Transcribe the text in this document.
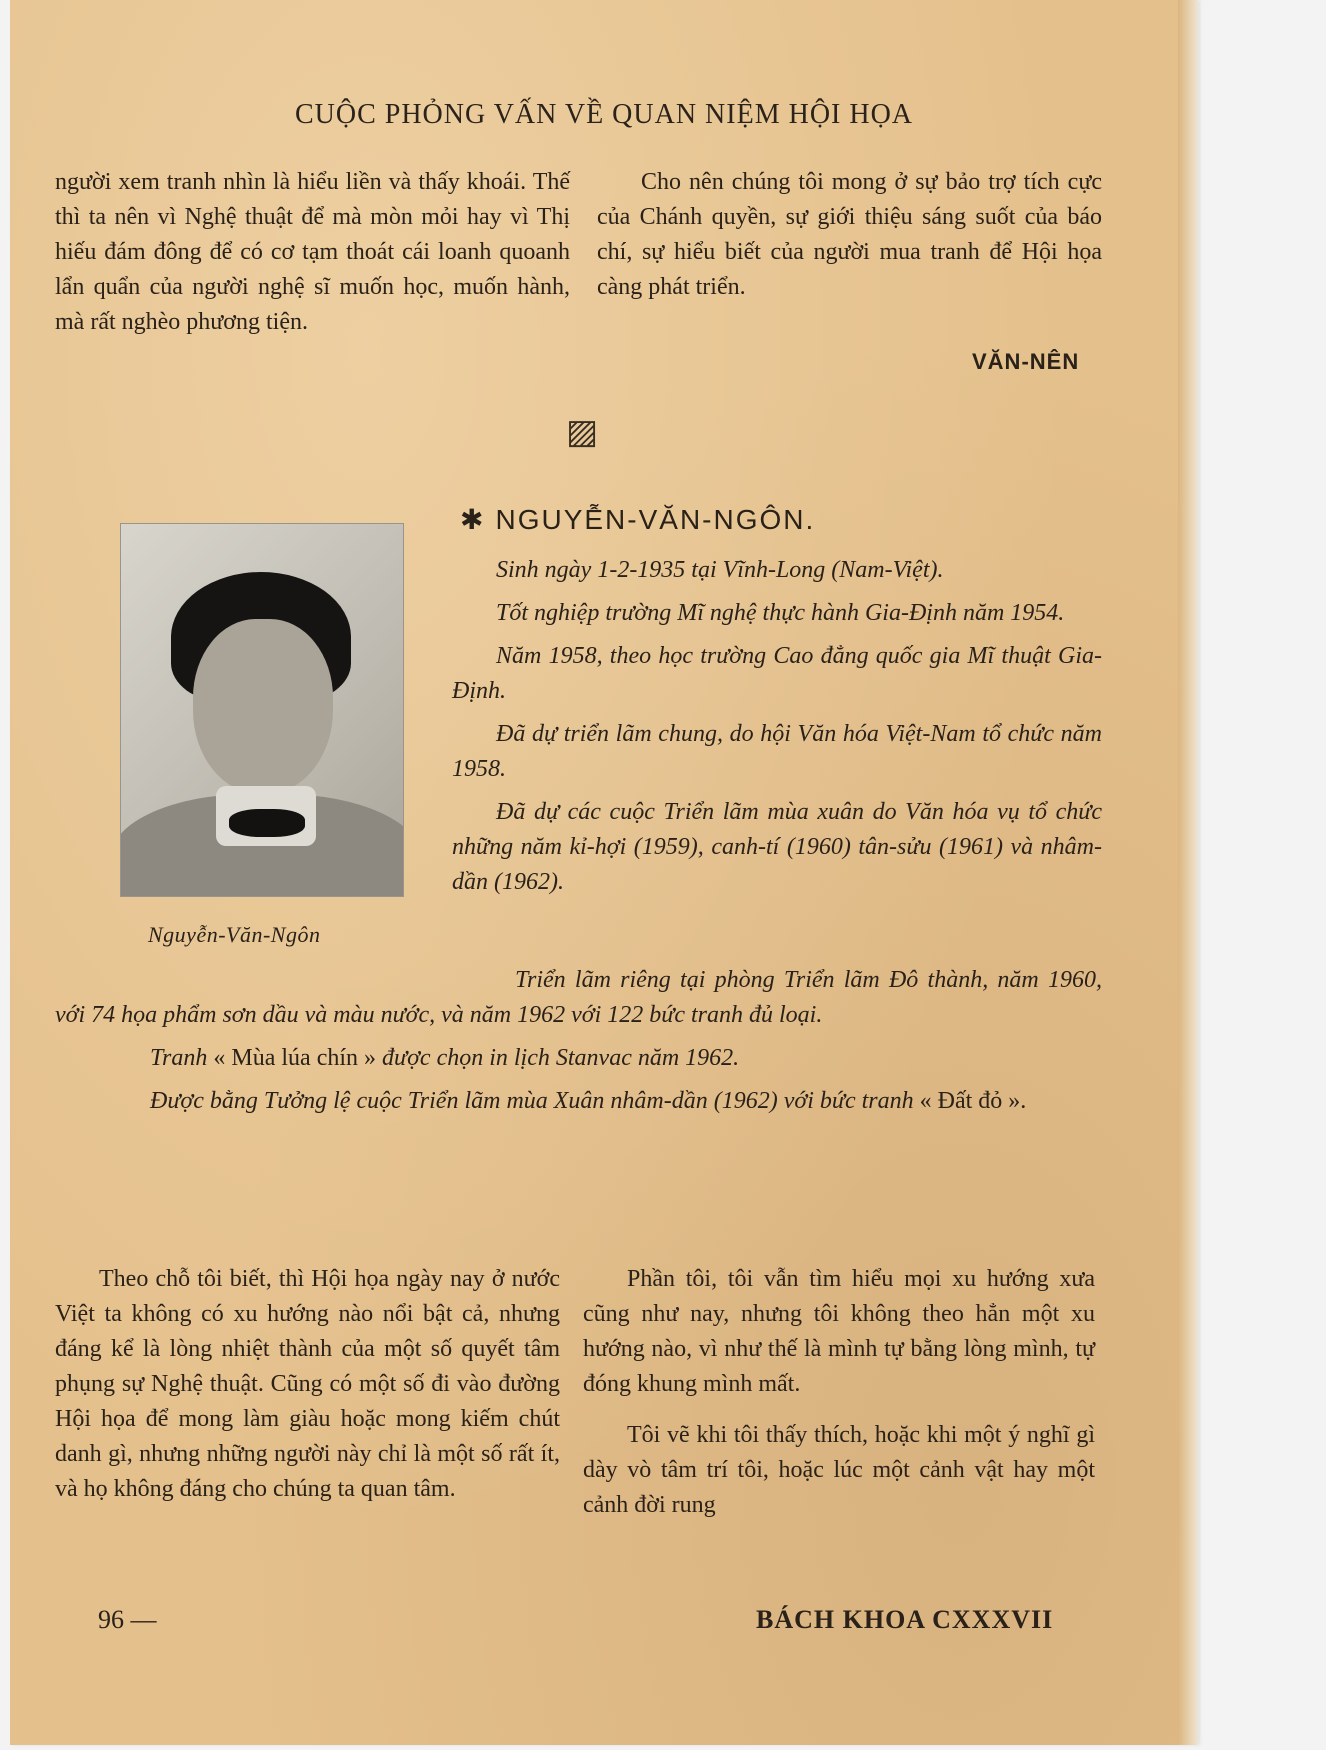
CUỘC PHỎNG VẤN VỀ QUAN NIỆM HỘI HỌA

người xem tranh nhìn là hiểu liền và thấy khoái. Thế thì ta nên vì Nghệ thuật để mà mòn mỏi hay vì Thị hiếu đám đông để có cơ tạm thoát cái loanh quoanh lẩn quẩn của người nghệ sĩ muốn học, muốn hành, mà rất nghèo phương tiện.

Cho nên chúng tôi mong ở sự bảo trợ tích cực của Chánh quyền, sự giới thiệu sáng suốt của báo chí, sự hiểu biết của người mua tranh để Hội họa càng phát triển.

VĂN-NÊN
▨
Nguyễn-Văn-Ngôn
✱ NGUYỄN-VĂN-NGÔN.

Sinh ngày 1-2-1935 tại Vĩnh-Long (Nam-Việt).

Tốt nghiệp trường Mĩ nghệ thực hành Gia-Định năm 1954.

Năm 1958, theo học trường Cao đẳng quốc gia Mĩ thuật Gia-Định.

Đã dự triển lãm chung, do hội Văn hóa Việt-Nam tổ chức năm 1958.

Đã dự các cuộc Triển lãm mùa xuân do Văn hóa vụ tổ chức những năm kỉ-hợi (1959), canh-tí (1960) tân-sửu (1961) và nhâm-dần (1962).

Triển lãm riêng tại phòng Triển lãm Đô thành, năm 1960, với 74 họa phẩm sơn dầu và màu nước, và năm 1962 với 122 bức tranh đủ loại.

Tranh « Mùa lúa chín » được chọn in lịch Stanvac năm 1962.

Được bằng Tưởng lệ cuộc Triển lãm mùa Xuân nhâm-dần (1962) với bức tranh « Đất đỏ ».

Theo chỗ tôi biết, thì Hội họa ngày nay ở nước Việt ta không có xu hướng nào nổi bật cả, nhưng đáng kể là lòng nhiệt thành của một số quyết tâm phụng sự Nghệ thuật. Cũng có một số đi vào đường Hội họa để mong làm giàu hoặc mong kiếm chút danh gì, nhưng những người này chỉ là một số rất ít, và họ không đáng cho chúng ta quan tâm.

Phần tôi, tôi vẫn tìm hiểu mọi xu hướng xưa cũng như nay, nhưng tôi không theo hẳn một xu hướng nào, vì như thế là mình tự bằng lòng mình, tự đóng khung mình mất.

Tôi vẽ khi tôi thấy thích, hoặc khi một ý nghĩ gì dày vò tâm trí tôi, hoặc lúc một cảnh vật hay một cảnh đời rung

96 —	BÁCH KHOA CXXXVII
